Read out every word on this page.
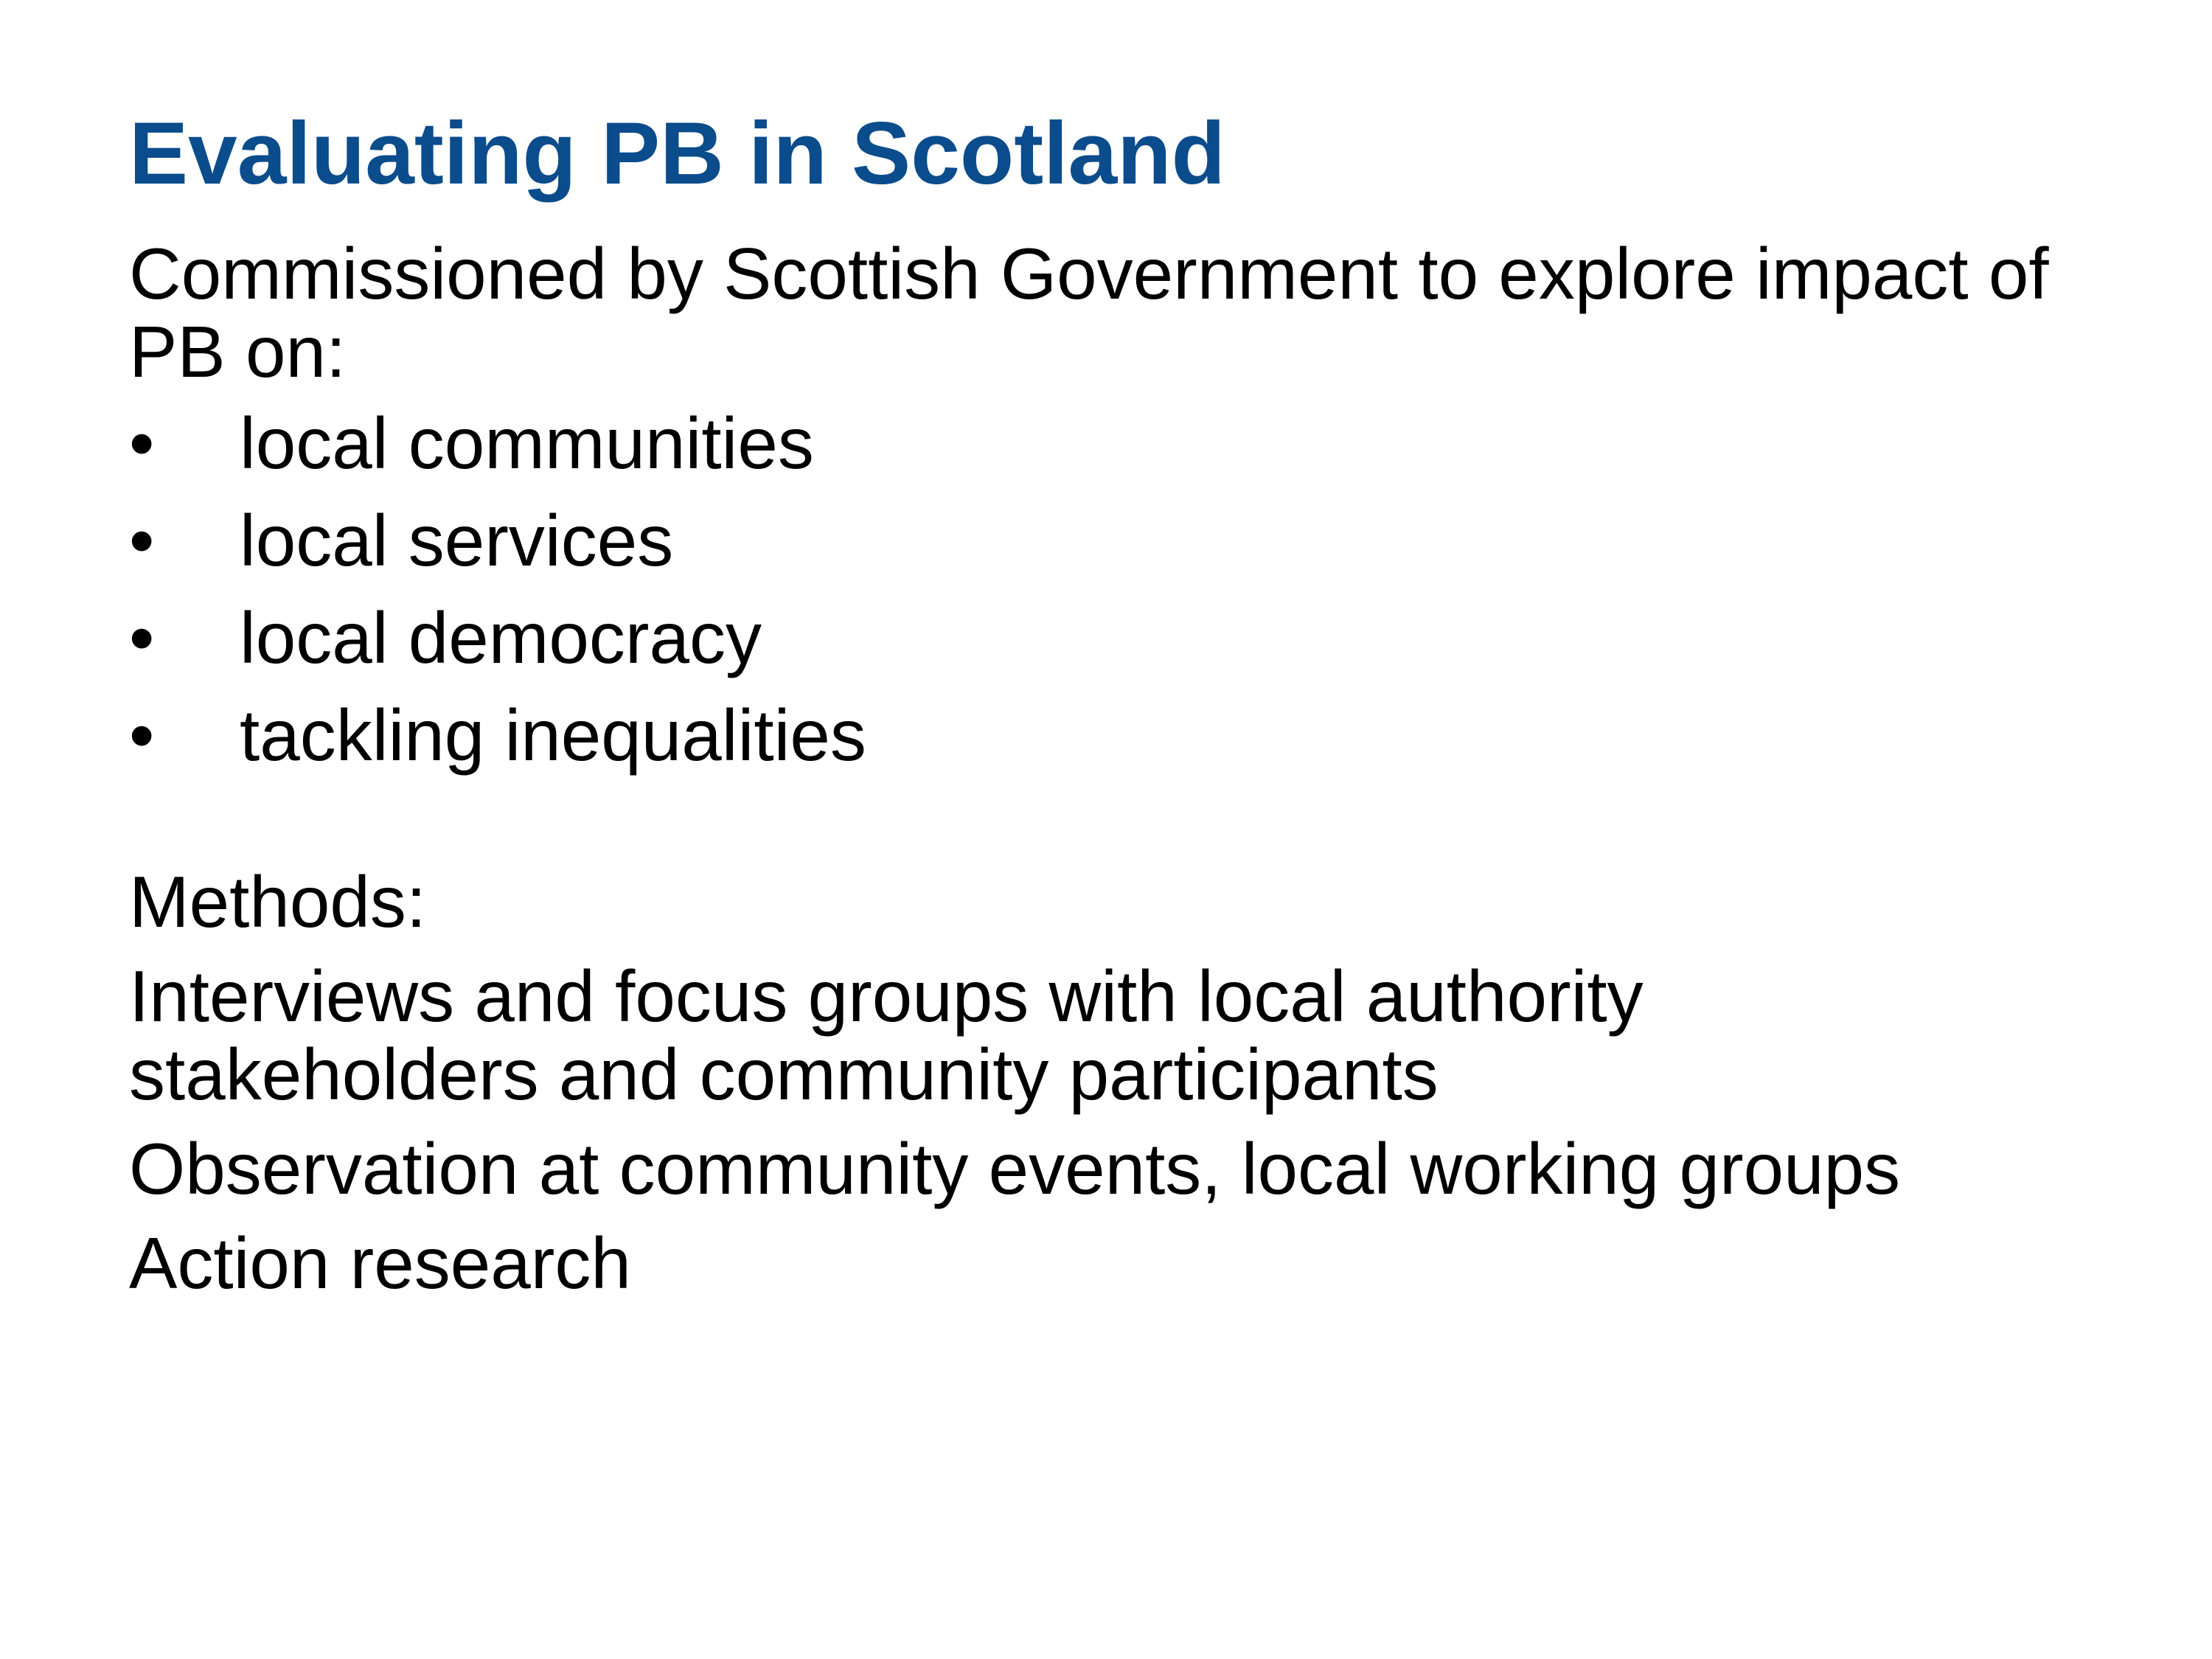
Evaluating PB in Scotland

Commissioned by Scottish Government to explore impact of PB on:

• local communities
• local services
• local democracy
• tackling inequalities

Methods:

Interviews and focus groups with local authority stakeholders and community participants

Observation at community events, local working groups

Action research
